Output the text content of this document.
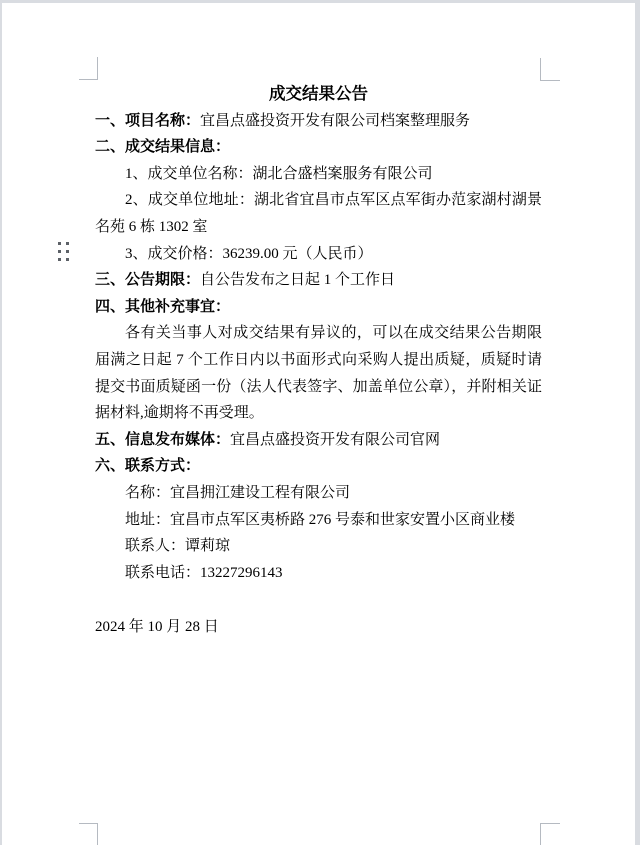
成交结果公告

一、项目名称：宜昌点盛投资开发有限公司档案整理服务

二、成交结果信息：

1、成交单位名称：湖北合盛档案服务有限公司

2、成交单位地址：湖北省宜昌市点军区点军街办范家湖村湖景名苑 6 栋 1302 室

3、成交价格：36239.00 元（人民币）

三、公告期限：自公告发布之日起 1 个工作日

四、其他补充事宜：

各有关当事人对成交结果有异议的，可以在成交结果公告期限届满之日起 7 个工作日内以书面形式向采购人提出质疑，质疑时请提交书面质疑函一份（法人代表签字、加盖单位公章），并附相关证据材料,逾期将不再受理。

五、信息发布媒体：宜昌点盛投资开发有限公司官网

六、联系方式：

名称：宜昌拥江建设工程有限公司

地址：宜昌市点军区夷桥路 276 号泰和世家安置小区商业楼

联系人：谭莉琼

联系电话：13227296143

2024 年 10 月 28 日
